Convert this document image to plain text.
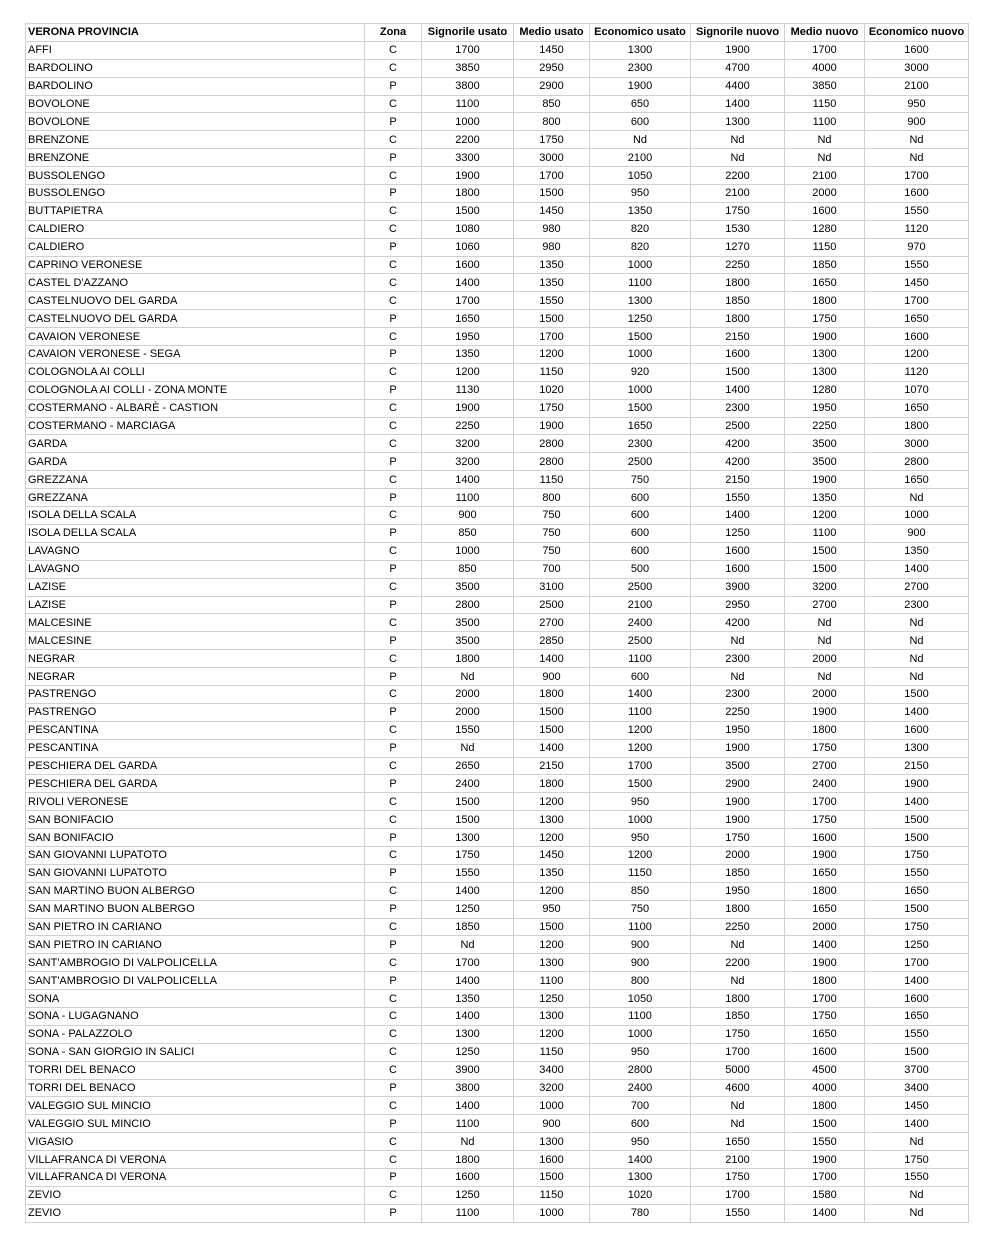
VERONA PROVINCIA	Zona	Signorile usato	Medio usato	Economico usato	Signorile nuovo	Medio nuovo	Economico nuovo
AFFI	C	1700	1450	1300	1900	1700	1600
BARDOLINO	C	3850	2950	2300	4700	4000	3000
BARDOLINO	P	3800	2900	1900	4400	3850	2100
BOVOLONE	C	1100	850	650	1400	1150	950
BOVOLONE	P	1000	800	600	1300	1100	900
BRENZONE	C	2200	1750	Nd	Nd	Nd	Nd
BRENZONE	P	3300	3000	2100	Nd	Nd	Nd
BUSSOLENGO	C	1900	1700	1050	2200	2100	1700
BUSSOLENGO	P	1800	1500	950	2100	2000	1600
BUTTAPIETRA	C	1500	1450	1350	1750	1600	1550
CALDIERO	C	1080	980	820	1530	1280	1120
CALDIERO	P	1060	980	820	1270	1150	970
CAPRINO VERONESE	C	1600	1350	1000	2250	1850	1550
CASTEL D'AZZANO	C	1400	1350	1100	1800	1650	1450
CASTELNUOVO DEL GARDA	C	1700	1550	1300	1850	1800	1700
CASTELNUOVO DEL GARDA	P	1650	1500	1250	1800	1750	1650
CAVAION VERONESE	C	1950	1700	1500	2150	1900	1600
CAVAION VERONESE - SEGA	P	1350	1200	1000	1600	1300	1200
COLOGNOLA AI COLLI	C	1200	1150	920	1500	1300	1120
COLOGNOLA AI COLLI - ZONA MONTE	P	1130	1020	1000	1400	1280	1070
COSTERMANO - ALBARÈ - CASTION	C	1900	1750	1500	2300	1950	1650
COSTERMANO - MARCIAGA	C	2250	1900	1650	2500	2250	1800
GARDA	C	3200	2800	2300	4200	3500	3000
GARDA	P	3200	2800	2500	4200	3500	2800
GREZZANA	C	1400	1150	750	2150	1900	1650
GREZZANA	P	1100	800	600	1550	1350	Nd
ISOLA DELLA SCALA	C	900	750	600	1400	1200	1000
ISOLA DELLA SCALA	P	850	750	600	1250	1100	900
LAVAGNO	C	1000	750	600	1600	1500	1350
LAVAGNO	P	850	700	500	1600	1500	1400
LAZISE	C	3500	3100	2500	3900	3200	2700
LAZISE	P	2800	2500	2100	2950	2700	2300
MALCESINE	C	3500	2700	2400	4200	Nd	Nd
MALCESINE	P	3500	2850	2500	Nd	Nd	Nd
NEGRAR	C	1800	1400	1100	2300	2000	Nd
NEGRAR	P	Nd	900	600	Nd	Nd	Nd
PASTRENGO	C	2000	1800	1400	2300	2000	1500
PASTRENGO	P	2000	1500	1100	2250	1900	1400
PESCANTINA	C	1550	1500	1200	1950	1800	1600
PESCANTINA	P	Nd	1400	1200	1900	1750	1300
PESCHIERA DEL GARDA	C	2650	2150	1700	3500	2700	2150
PESCHIERA DEL GARDA	P	2400	1800	1500	2900	2400	1900
RIVOLI VERONESE	C	1500	1200	950	1900	1700	1400
SAN BONIFACIO	C	1500	1300	1000	1900	1750	1500
SAN BONIFACIO	P	1300	1200	950	1750	1600	1500
SAN GIOVANNI LUPATOTO	C	1750	1450	1200	2000	1900	1750
SAN GIOVANNI LUPATOTO	P	1550	1350	1150	1850	1650	1550
SAN MARTINO BUON ALBERGO	C	1400	1200	850	1950	1800	1650
SAN MARTINO BUON ALBERGO	P	1250	950	750	1800	1650	1500
SAN PIETRO IN CARIANO	C	1850	1500	1100	2250	2000	1750
SAN PIETRO IN CARIANO	P	Nd	1200	900	Nd	1400	1250
SANT'AMBROGIO DI VALPOLICELLA	C	1700	1300	900	2200	1900	1700
SANT'AMBROGIO DI VALPOLICELLA	P	1400	1100	800	Nd	1800	1400
SONA	C	1350	1250	1050	1800	1700	1600
SONA - LUGAGNANO	C	1400	1300	1100	1850	1750	1650
SONA - PALAZZOLO	C	1300	1200	1000	1750	1650	1550
SONA - SAN GIORGIO IN SALICI	C	1250	1150	950	1700	1600	1500
TORRI DEL BENACO	C	3900	3400	2800	5000	4500	3700
TORRI DEL BENACO	P	3800	3200	2400	4600	4000	3400
VALEGGIO SUL MINCIO	C	1400	1000	700	Nd	1800	1450
VALEGGIO SUL MINCIO	P	1100	900	600	Nd	1500	1400
VIGASIO	C	Nd	1300	950	1650	1550	Nd
VILLAFRANCA DI VERONA	C	1800	1600	1400	2100	1900	1750
VILLAFRANCA DI VERONA	P	1600	1500	1300	1750	1700	1550
ZEVIO	C	1250	1150	1020	1700	1580	Nd
ZEVIO	P	1100	1000	780	1550	1400	Nd
